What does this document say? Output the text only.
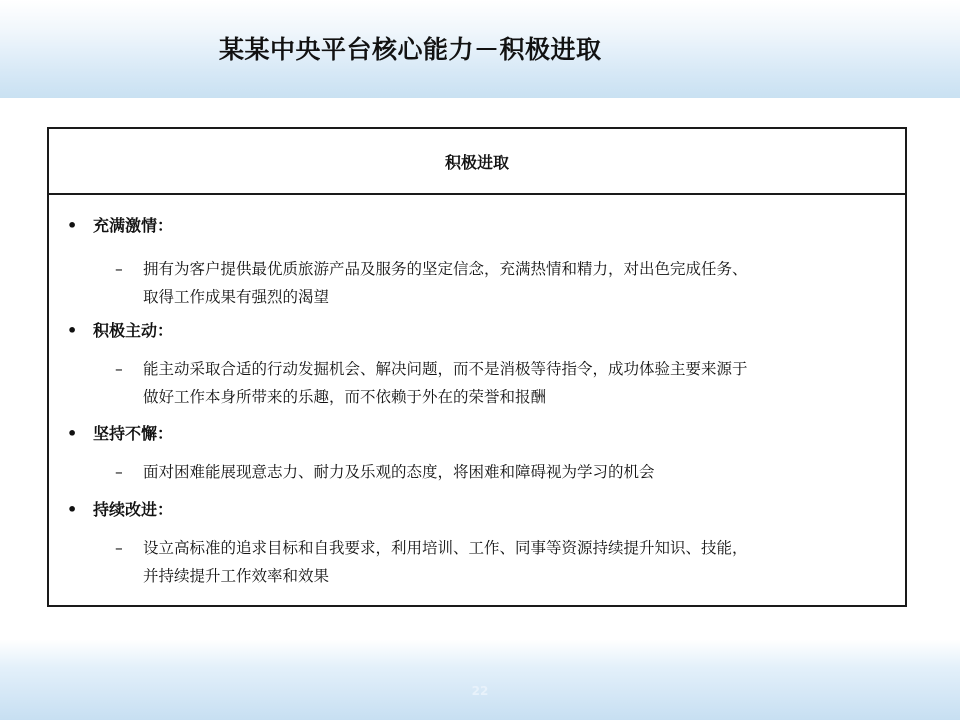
某某中央平台核心能力－积极进取
积极进取
• 充满激情：
–	拥有为客户提供最优质旅游产品及服务的坚定信念，充满热情和精力，对出色完成任务、
取得工作成果有强烈的渴望
• 积极主动：
–	能主动采取合适的行动发掘机会、解决问题，而不是消极等待指令，成功体验主要来源于
做好工作本身所带来的乐趣，而不依赖于外在的荣誉和报酬
• 坚持不懈：
–	面对困难能展现意志力、耐力及乐观的态度，将困难和障碍视为学习的机会
• 持续改进：
–	设立高标准的追求目标和自我要求，利用培训、工作、同事等资源持续提升知识、技能，
并持续提升工作效率和效果
22
